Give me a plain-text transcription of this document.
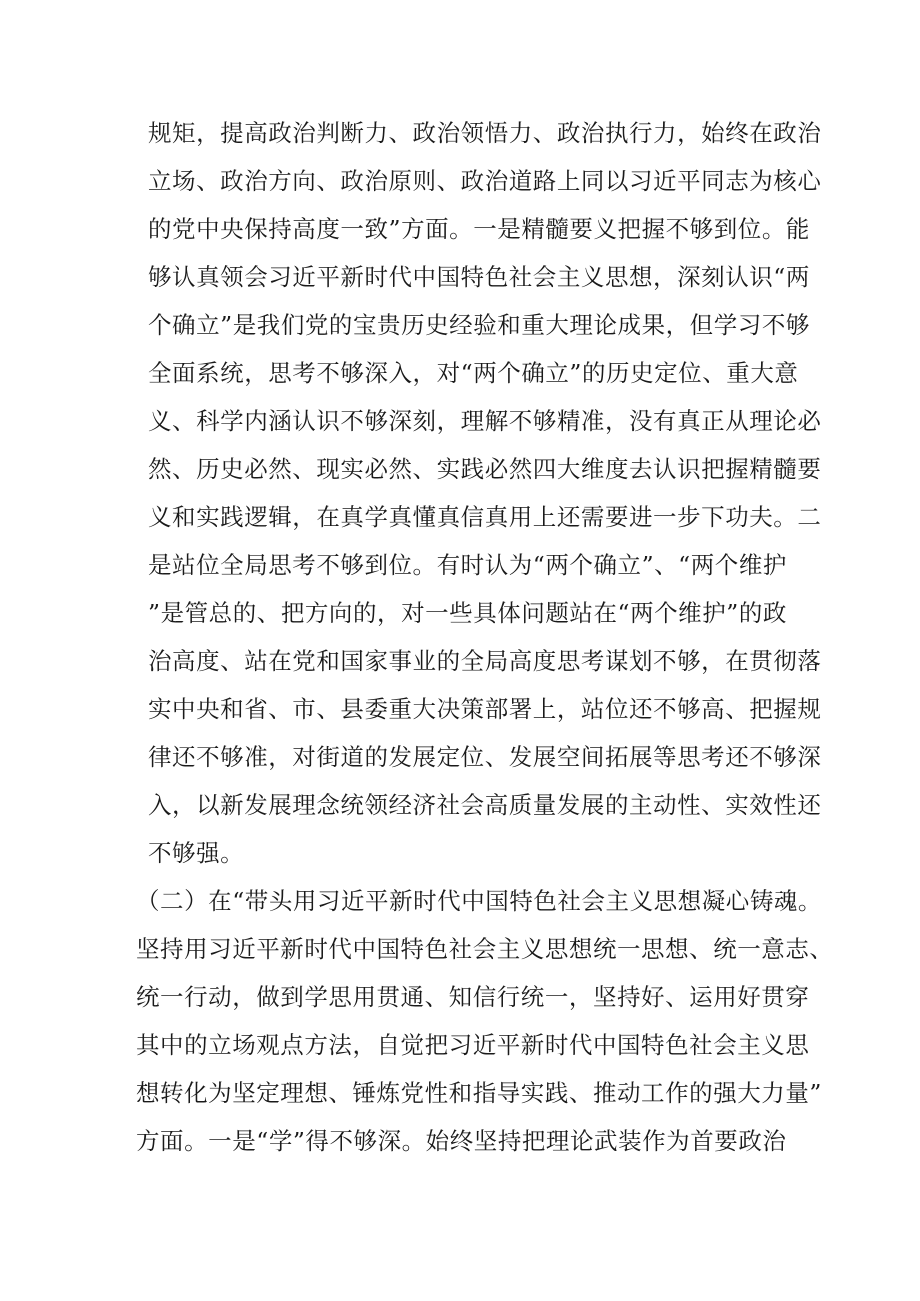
规矩，提高政治判断力、政治领悟力、政治执行力，始终在政治
立场、政治方向、政治原则、政治道路上同以习近平同志为核心
的党中央保持高度一致”方面。一是精髓要义把握不够到位。能
够认真领会习近平新时代中国特色社会主义思想，深刻认识“两
个确立”是我们党的宝贵历史经验和重大理论成果，但学习不够
全面系统，思考不够深入，对“两个确立”的历史定位、重大意
义、科学内涵认识不够深刻，理解不够精准，没有真正从理论必
然、历史必然、现实必然、实践必然四大维度去认识把握精髓要
义和实践逻辑，在真学真懂真信真用上还需要进一步下功夫。二
是站位全局思考不够到位。有时认为“两个确立”、“两个维护
”是管总的、把方向的，对一些具体问题站在“两个维护”的政
治高度、站在党和国家事业的全局高度思考谋划不够，在贯彻落
实中央和省、市、县委重大决策部署上，站位还不够高、把握规
律还不够准，对街道的发展定位、发展空间拓展等思考还不够深
入，以新发展理念统领经济社会高质量发展的主动性、实效性还
不够强。
（二）在“带头用习近平新时代中国特色社会主义思想凝心铸魂。
坚持用习近平新时代中国特色社会主义思想统一思想、统一意志、
统一行动，做到学思用贯通、知信行统一，坚持好、运用好贯穿
其中的立场观点方法，自觉把习近平新时代中国特色社会主义思
想转化为坚定理想、锤炼党性和指导实践、推动工作的强大力量”
方面。一是“学”得不够深。始终坚持把理论武装作为首要政治
